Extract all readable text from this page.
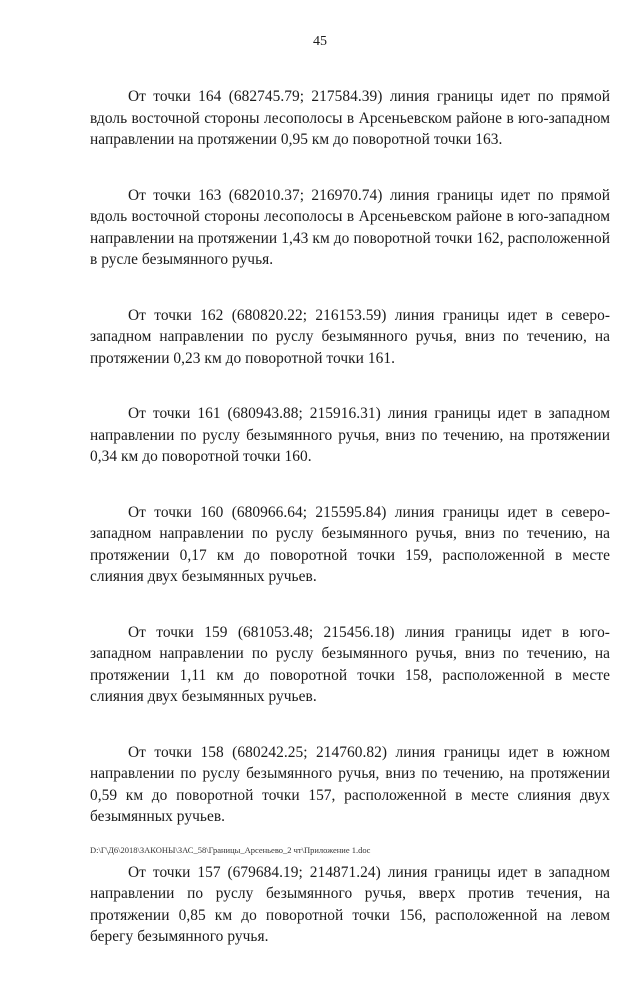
45

От точки 164 (682745.79; 217584.39) линия границы идет по прямой вдоль восточной стороны лесополосы в Арсеньевском районе в юго-западном направлении на протяжении 0,95 км до поворотной точки 163.

От точки 163 (682010.37; 216970.74) линия границы идет по прямой вдоль восточной стороны лесополосы в Арсеньевском районе в юго-западном направлении на протяжении 1,43 км до поворотной точки 162, расположенной в русле безымянного ручья.

От точки 162 (680820.22; 216153.59) линия границы идет в северо-западном направлении по руслу безымянного ручья, вниз по течению, на протяжении 0,23 км до поворотной точки 161.

От точки 161 (680943.88; 215916.31) линия границы идет в западном направлении по руслу безымянного ручья, вниз по течению, на протяжении 0,34 км до поворотной точки 160.

От точки 160 (680966.64; 215595.84) линия границы идет в северо-западном направлении по руслу безымянного ручья, вниз по течению, на протяжении 0,17 км до поворотной точки 159, расположенной в месте слияния двух безымянных ручьев.

От точки 159 (681053.48; 215456.18) линия границы идет в юго-западном направлении по руслу безымянного ручья, вниз по течению, на протяжении 1,11 км до поворотной точки 158, расположенной в месте слияния двух безымянных ручьев.

От точки 158 (680242.25; 214760.82) линия границы идет в южном направлении по руслу безымянного ручья, вниз по течению, на протяжении 0,59 км до поворотной точки 157, расположенной в месте слияния двух безымянных ручьев.

От точки 157 (679684.19; 214871.24) линия границы идет в западном направлении по руслу безымянного ручья, вверх против течения, на протяжении 0,85 км до поворотной точки 156, расположенной на левом берегу безымянного ручья.

D:\Г\Д6\2018\ЗАКОНЫ\ЗАС_58\Границы_Арсеньево_2 чт\Приложение 1.doc
